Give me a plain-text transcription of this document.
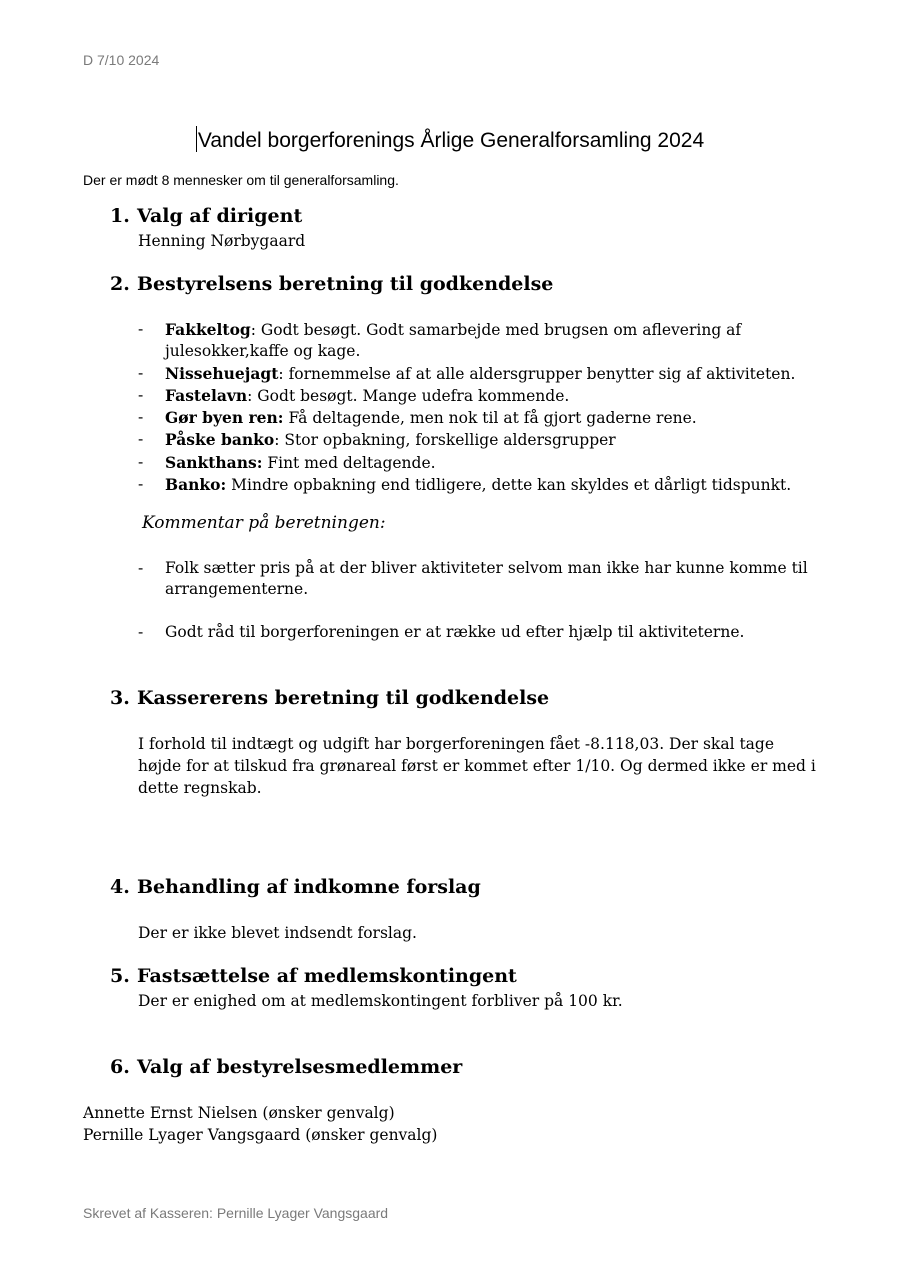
D 7/10 2024
Vandel borgerforenings Årlige Generalforsamling 2024
Der er mødt 8 mennesker om til generalforsamling.
1. Valg af dirigent
Henning Nørbygaard
2. Bestyrelsens beretning til godkendelse
- Fakkeltog: Godt besøgt. Godt samarbejde med brugsen om aflevering af julesokker,kaffe og kage.
- Nissehuejagt: fornemmelse af at alle aldersgrupper benytter sig af aktiviteten.
- Fastelavn: Godt besøgt. Mange udefra kommende.
- Gør byen ren: Få deltagende, men nok til at få gjort gaderne rene.
- Påske banko: Stor opbakning, forskellige aldersgrupper
- Sankthans: Fint med deltagende.
- Banko: Mindre opbakning end tidligere, dette kan skyldes et dårligt tidspunkt.
Kommentar på beretningen:
- Folk sætter pris på at der bliver aktiviteter selvom man ikke har kunne komme til arrangementerne.
- Godt råd til borgerforeningen er at række ud efter hjælp til aktiviteterne.
3. Kassererens beretning til godkendelse
I forhold til indtægt og udgift har borgerforeningen fået -8.118,03. Der skal tage højde for at tilskud fra grønareal først er kommet efter 1/10. Og dermed ikke er med i dette regnskab.
4. Behandling af indkomne forslag
Der er ikke blevet indsendt forslag.
5. Fastsættelse af medlemskontingent
Der er enighed om at medlemskontingent forbliver på 100 kr.
6. Valg af bestyrelsesmedlemmer
Annette Ernst Nielsen (ønsker genvalg)
Pernille Lyager Vangsgaard (ønsker genvalg)
Skrevet af Kasseren: Pernille Lyager Vangsgaard
